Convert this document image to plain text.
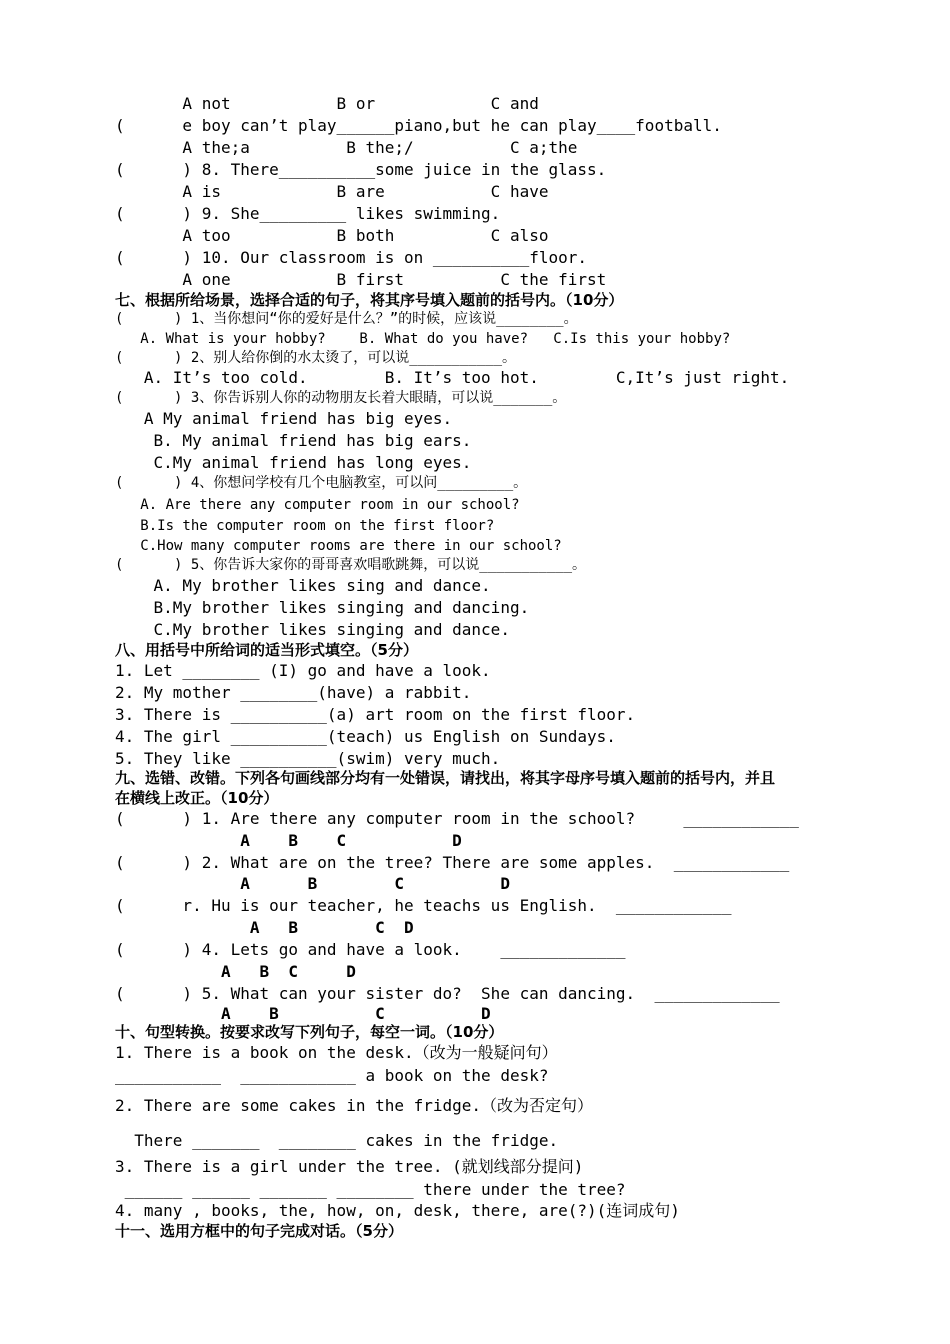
A not           B or            C and

(      e boy can’t play______piano,but he can play____football.

A the;a          B the;/          C a;the

(      ) 8. There__________some juice in the glass.

A is            B are           C have

(      ) 9. She_________ likes swimming.

A too           B both          C also

(      ) 10. Our classroom is on __________floor.

A one           B first          C the first

七、根据所给场景，选择合适的句子，将其序号填入题前的括号内。（10分）

(      ) 1、当你想问“你的爱好是什么？”的时候，应该说________。

A. What is your hobby?    B. What do you have?   C.Is this your hobby?

(      ) 2、别人给你倒的水太烫了，可以说___________。

A. It’s too cold.        B. It’s too hot.        C,It’s just right.

(      ) 3、你告诉别人你的动物朋友长着大眼睛，可以说_______。

A My animal friend has big eyes.

B. My animal friend has big ears.

C.My animal friend has long eyes.

(      ) 4、你想问学校有几个电脑教室，可以问_________。

A. Are there any computer room in our school?

B.Is the computer room on the first floor?

C.How many computer rooms are there in our school?

(      ) 5、你告诉大家你的哥哥喜欢唱歌跳舞，可以说___________。

A. My brother likes sing and dance.

B.My brother likes singing and dancing.

C.My brother likes singing and dance.

八、用括号中所给词的适当形式填空。（5分）

1. Let ________ (I) go and have a look.

2. My mother ________(have) a rabbit.

3. There is __________(a) art room on the first floor.

4. The girl __________(teach) us English on Sundays.

5. They like __________(swim) very much.

九、选错、改错。下列各句画线部分均有一处错误，请找出，将其字母序号填入题前的括号内，并且

在横线上改正。（10分）

(      ) 1. Are there any computer room in the school?     ____________

A    B    C           D

(      ) 2. What are on the tree? There are some apples.  ____________

A      B        C          D

(      r. Hu is our teacher, he teachs us English.  ____________

A   B        C  D

(      ) 4. Lets go and have a look.    _____________

A   B  C     D

(      ) 5. What can your sister do?  She can dancing.  _____________

A    B          C          D

十、句型转换。按要求改写下列句子，每空一词。（10分）

1. There is a book on the desk.（改为一般疑问句）

___________  ____________ a book on the desk?

2. There are some cakes in the fridge.（改为否定句）

There _______  ________ cakes in the fridge.

3. There is a girl under the tree. (就划线部分提问)

______ ______ _______ ________ there under the tree?

4. many , books, the, how, on, desk, there, are(?)(连词成句)

十一、选用方框中的句子完成对话。（5分）
